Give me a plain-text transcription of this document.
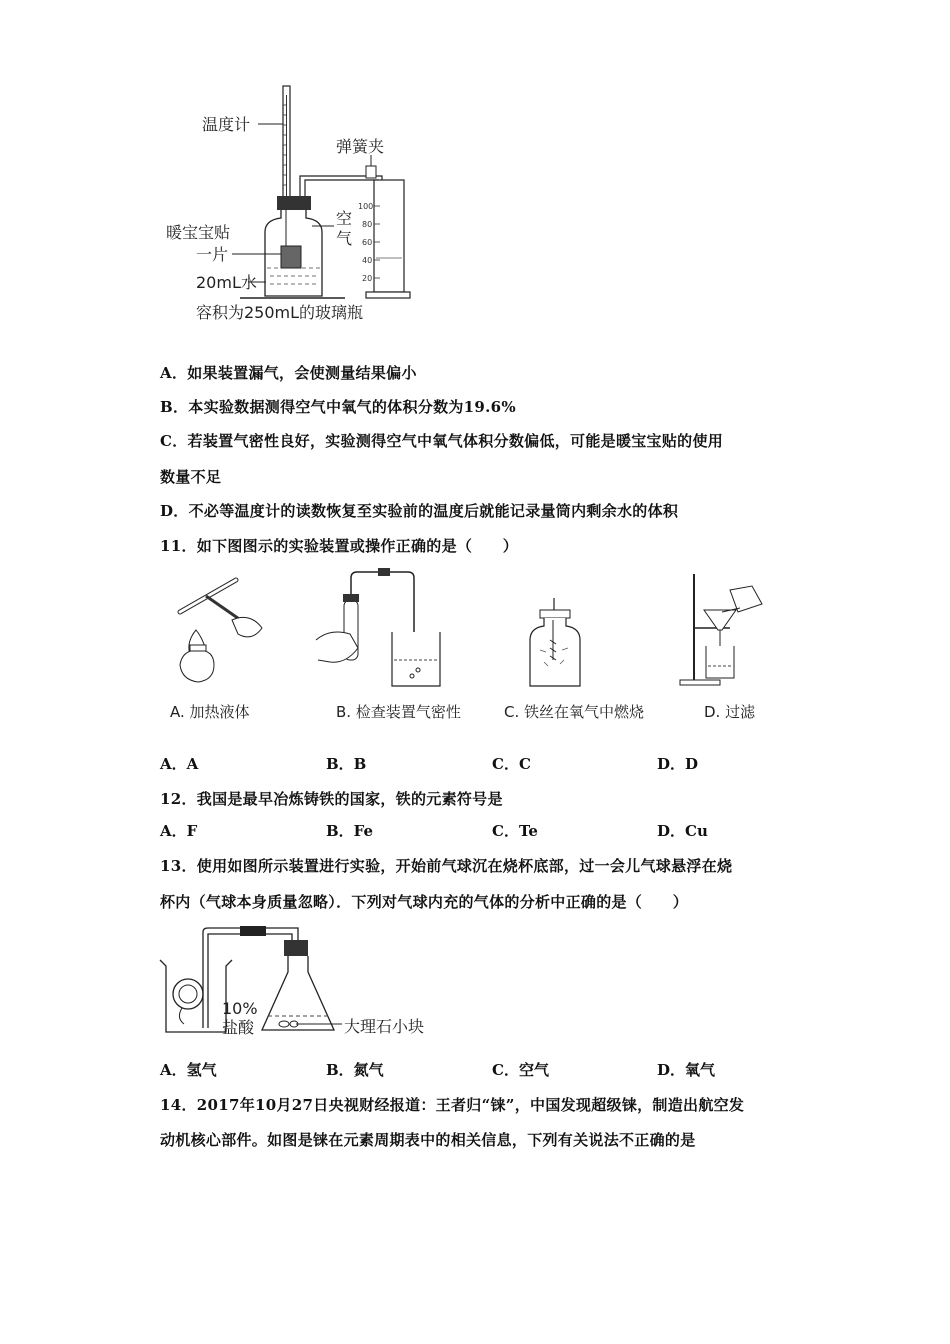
温度计
弹簧夹
100
80
60
40
20
暖宝宝贴
一片
空
气
20mL水
容积为250mL的玻璃瓶
A．如果装置漏气，会使测量结果偏小
B．本实验数据测得空气中氧气的体积分数为19.6%
C．若装置气密性良好，实验测得空气中氧气体积分数偏低，可能是暖宝宝贴的使用
数量不足
D．不必等温度计的读数恢复至实验前的温度后就能记录量筒内剩余水的体积
11．如下图图示的实验装置或操作正确的是（　　）
A. 加热液体	B. 检查装置气密性	C. 铁丝在氧气中燃烧	D. 过滤
A．A	B．B	C．C	D．D
12．我国是最早冶炼铸铁的国家，铁的元素符号是
A．F	B．Fe	C．Te	D．Cu
13．使用如图所示装置进行实验，开始前气球沉在烧杯底部，过一会儿气球悬浮在烧
杯内（气球本身质量忽略）．下列对气球内充的气体的分析中正确的是（　　）
10%
盐酸	大理石小块
A．氢气	B．氮气	C．空气	D．氧气
14．2017年10月27日央视财经报道：王者归“铼”，中国发现超级铼，制造出航空发
动机核心部件。如图是铼在元素周期表中的相关信息，下列有关说法不正确的是
